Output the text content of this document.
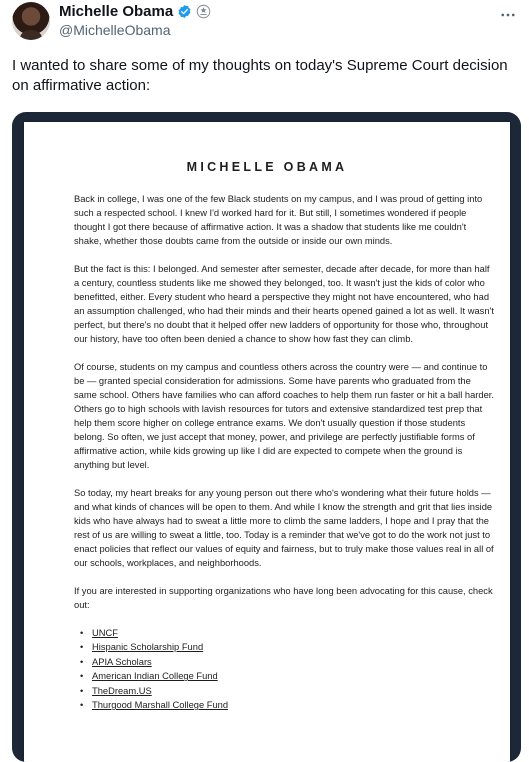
Michelle Obama
@MichelleObama
I wanted to share some of my thoughts on today's Supreme Court decision on affirmative action:
MICHELLE OBAMA

Back in college, I was one of the few Black students on my campus, and I was proud of getting into such a respected school. I knew I'd worked hard for it. But still, I sometimes wondered if people thought I got there because of affirmative action. It was a shadow that students like me couldn't shake, whether those doubts came from the outside or inside our own minds.

But the fact is this: I belonged. And semester after semester, decade after decade, for more than half a century, countless students like me showed they belonged, too. It wasn't just the kids of color who benefitted, either. Every student who heard a perspective they might not have encountered, who had an assumption challenged, who had their minds and their hearts opened gained a lot as well. It wasn't perfect, but there's no doubt that it helped offer new ladders of opportunity for those who, throughout our history, have too often been denied a chance to show how fast they can climb.

Of course, students on my campus and countless others across the country were — and continue to be — granted special consideration for admissions. Some have parents who graduated from the same school. Others have families who can afford coaches to help them run faster or hit a ball harder. Others go to high schools with lavish resources for tutors and extensive standardized test prep that help them score higher on college entrance exams. We don't usually question if those students belong. So often, we just accept that money, power, and privilege are perfectly justifiable forms of affirmative action, while kids growing up like I did are expected to compete when the ground is anything but level.

So today, my heart breaks for any young person out there who's wondering what their future holds — and what kinds of chances will be open to them. And while I know the strength and grit that lies inside kids who have always had to sweat a little more to climb the same ladders, I hope and I pray that the rest of us are willing to sweat a little, too. Today is a reminder that we've got to do the work not just to enact policies that reflect our values of equity and fairness, but to truly make those values real in all of our schools, workplaces, and neighborhoods.

If you are interested in supporting organizations who have long been advocating for this cause, check out:

• UNCF
• Hispanic Scholarship Fund
• APIA Scholars
• American Indian College Fund
• TheDream.US
• Thurgood Marshall College Fund
